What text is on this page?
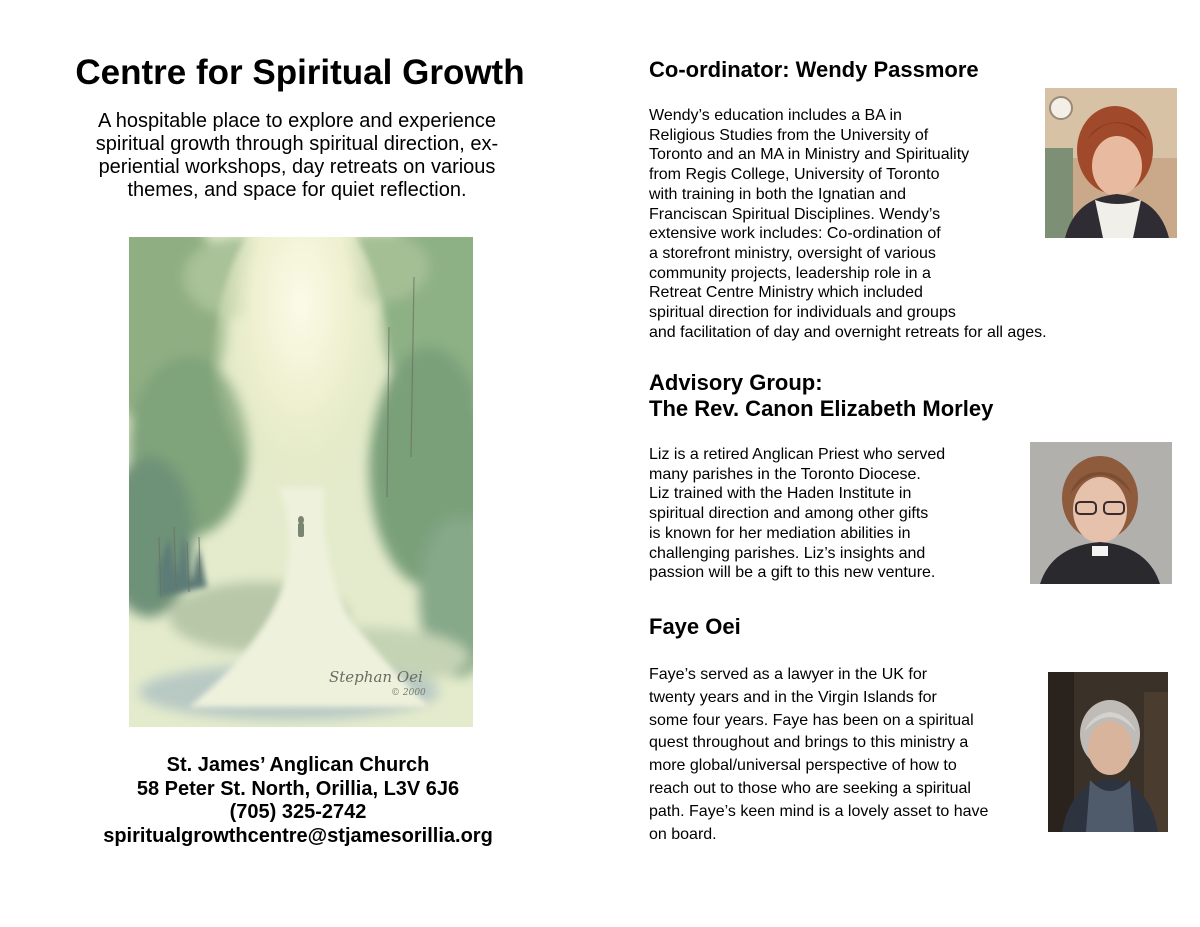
Centre for Spiritual Growth
A hospitable place to explore and experience
spiritual growth through spiritual direction, ex-
periential workshops, day retreats on various
themes, and space for quiet reflection.
Stephan Oei
© 2000
St. James’ Anglican Church
58 Peter St. North, Orillia, L3V 6J6
(705) 325-2742
spiritualgrowthcentre@stjamesorillia.org
Co-ordinator: Wendy Passmore
Wendy’s education includes a BA in
Religious Studies from the University of
Toronto and an MA in Ministry and Spirituality
from Regis College, University of Toronto
with training in both the Ignatian and
Franciscan Spiritual Disciplines. Wendy’s
extensive work includes: Co-ordination of
a storefront ministry, oversight of various
community projects, leadership role in a
Retreat Centre Ministry which included
spiritual direction for individuals and groups
and facilitation of day and overnight retreats for all ages.
Advisory Group:
The Rev. Canon Elizabeth Morley
Liz is a retired Anglican Priest who served
many parishes in the Toronto Diocese.
Liz trained with the Haden Institute in
spiritual direction and among other gifts
is known for her mediation abilities in
challenging parishes. Liz’s insights and
passion will be a gift to this new venture.
Faye Oei
Faye’s served as a lawyer in the UK for
twenty years and in the Virgin Islands for
some four years. Faye has been on a spiritual
quest throughout and brings to this ministry a
more global/universal perspective of how to
reach out to those who are seeking a spiritual
path. Faye’s keen mind is a lovely asset to have
on board.
